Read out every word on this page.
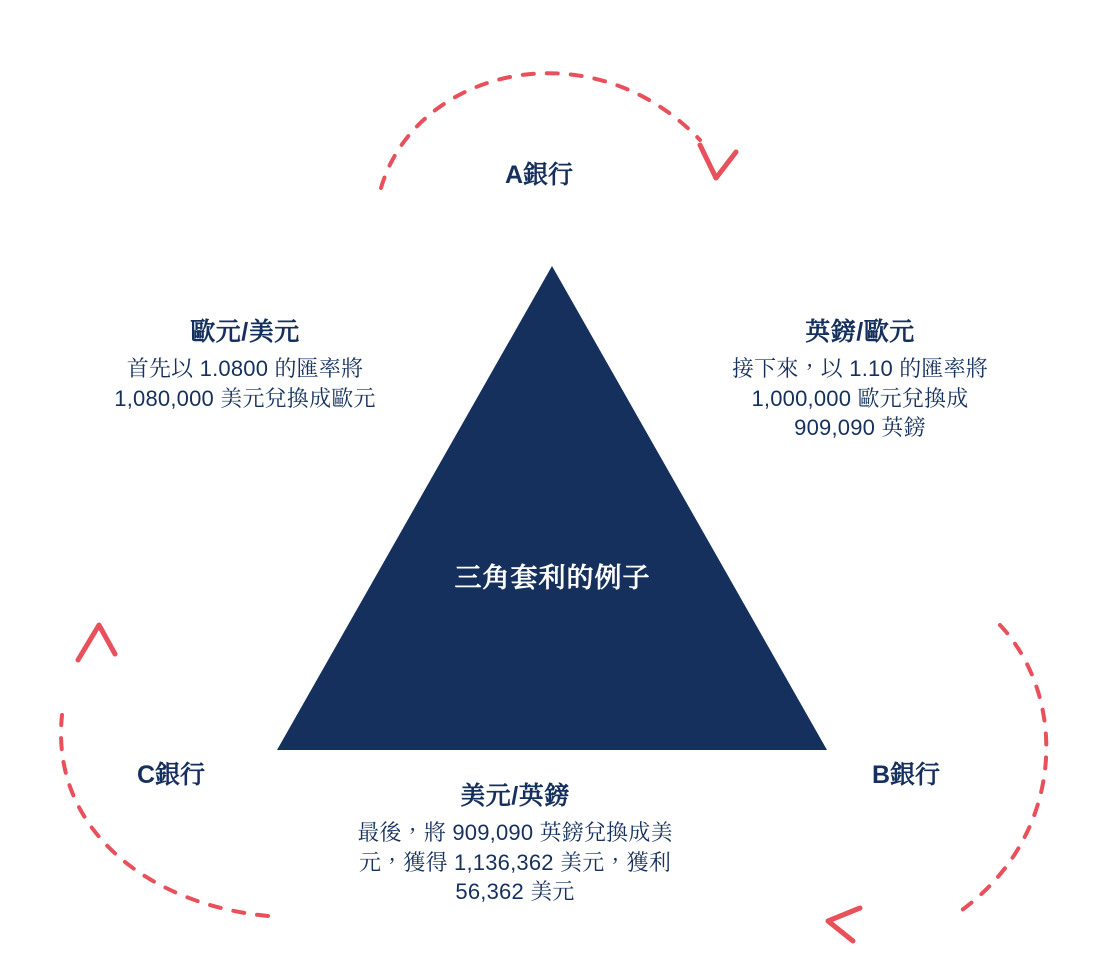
三角套利的例子
A銀行
B銀行
C銀行
歐元/美元
首先以 1.0800 的匯率將
1,080,000 美元兌換成歐元
英鎊/歐元
接下來，以 1.10 的匯率將
1,000,000 歐元兌換成
909,090 英鎊
美元/英鎊
最後，將 909,090 英鎊兌換成美
元，獲得 1,136,362 美元，獲利
56,362 美元
